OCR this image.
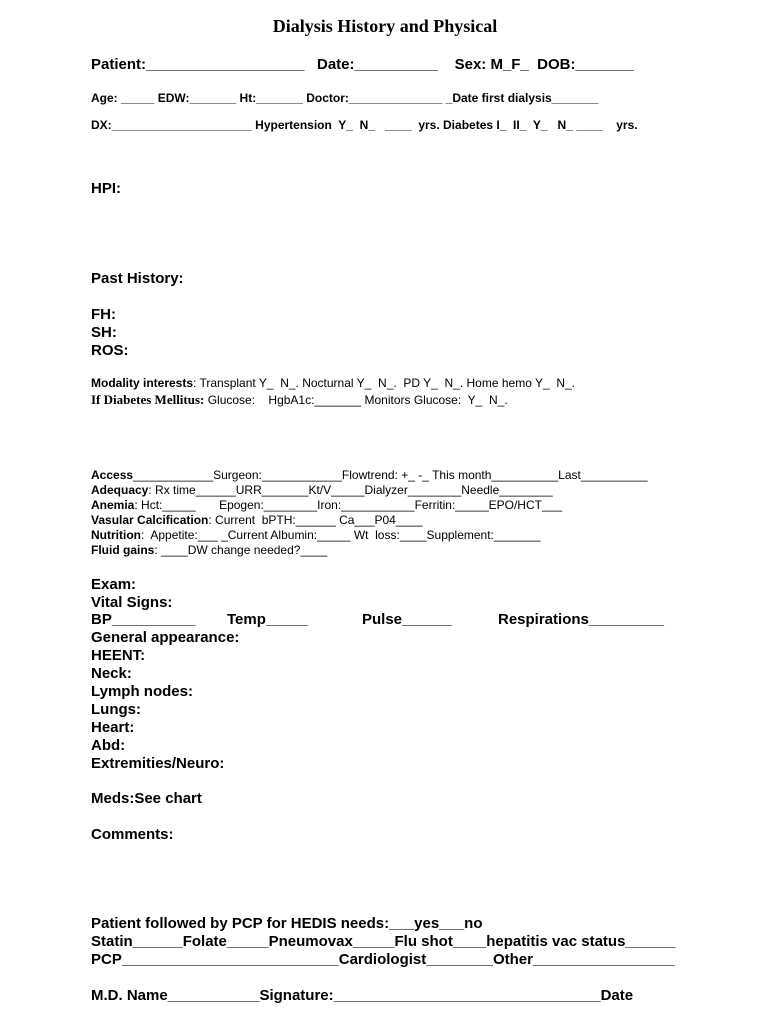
Dialysis History and Physical
Patient:___________________   Date:__________    Sex: M_F_  DOB:_______
Age: _____ EDW:_______ Ht:_______ Doctor:______________ _Date first dialysis_______
DX:_____________________ Hypertension  Y_  N_   ____  yrs. Diabetes I_  II_  Y_   N_ ____    yrs.
HPI:
Past History:
FH:
SH:
ROS:
Modality interests: Transplant Y_  N_. Nocturnal Y_  N_.  PD Y_  N_. Home hemo Y_  N_.
If Diabetes Mellitus: Glucose:    HgbA1c:_______ Monitors Glucose:  Y_  N_.
Access____________Surgeon:____________Flowtrend: +_ -_ This month__________Last__________
Adequacy: Rx time______URR_______Kt/V_____Dialyzer________Needle________
Anemia: Hct:_____       Epogen:________Iron:___________Ferritin:_____EPO/HCT___
Vasular Calcification: Current  bPTH:______ Ca___P04____
Nutrition:  Appetite:___ _Current Albumin:_____ Wt  loss:____Supplement:_______
Fluid gains: ____DW change needed?____
Exam:
Vital Signs:
BP__________ Temp_____	Pulse______	Respirations_________
General appearance:
HEENT:
Neck:
Lymph nodes:
Lungs:
Heart:
Abd:
Extremities/Neuro:
Meds:See chart
Comments:
Patient followed by PCP for HEDIS needs:___yes___no
Statin______Folate_____Pneumovax_____Flu shot____hepatitis vac status______
PCP__________________________Cardiologist________Other_________________
M.D. Name___________Signature:________________________________Date
